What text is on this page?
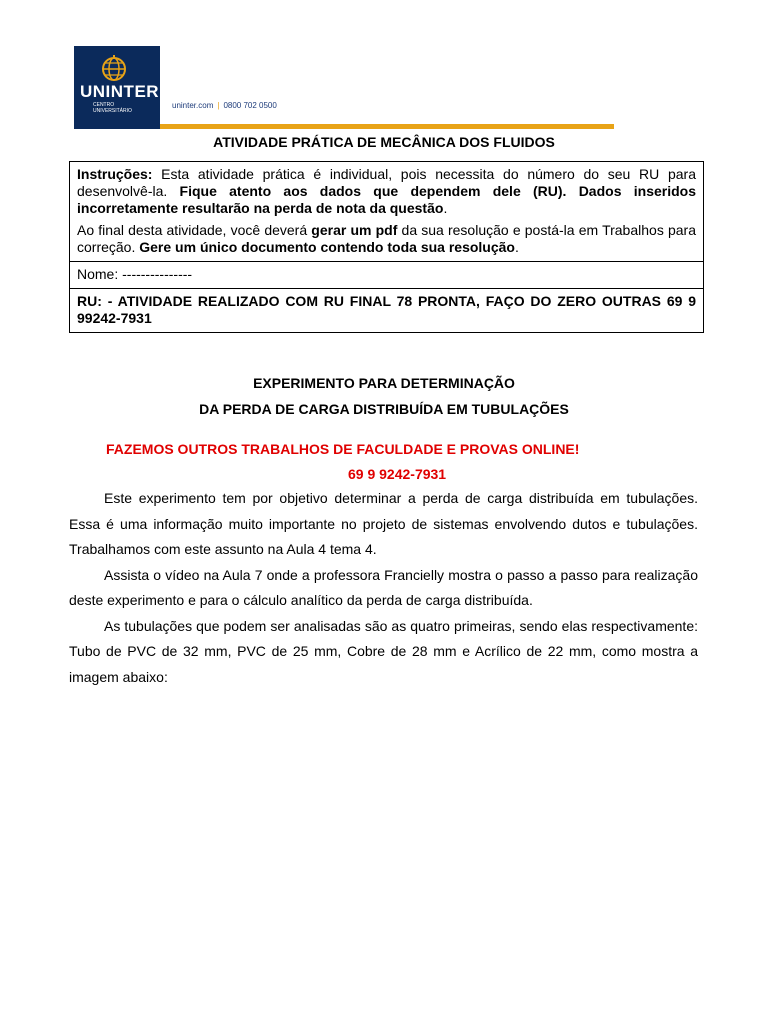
UNINTER
CENTRO
UNIVERSITÁRIO
uninter.com | 0800 702 0500
ATIVIDADE PRÁTICA DE MECÂNICA DOS FLUIDOS

Instruções: Esta atividade prática é individual, pois necessita do número do seu RU para desenvolvê-la. Fique atento aos dados que dependem dele (RU). Dados inseridos incorretamente resultarão na perda de nota da questão.

Ao final desta atividade, você deverá gerar um pdf da sua resolução e postá-la em Trabalhos para correção. Gere um único documento contendo toda sua resolução.

Nome: ---------------
RU: - ATIVIDADE REALIZADO COM RU FINAL 78 PRONTA, FAÇO DO ZERO OUTRAS 69 9 99242-7931
EXPERIMENTO PARA DETERMINAÇÃO
DA PERDA DE CARGA DISTRIBUÍDA EM TUBULAÇÕES
FAZEMOS OUTROS TRABALHOS DE FACULDADE E PROVAS ONLINE!
69 9 9242-7931

Este experimento tem por objetivo determinar a perda de carga distribuída em tubulações. Essa é uma informação muito importante no projeto de sistemas envolvendo dutos e tubulações. Trabalhamos com este assunto na Aula 4 tema 4.

Assista o vídeo na Aula 7 onde a professora Francielly mostra o passo a passo para realização deste experimento e para o cálculo analítico da perda de carga distribuída.

As tubulações que podem ser analisadas são as quatro primeiras, sendo elas respectivamente: Tubo de PVC de 32 mm, PVC de 25 mm, Cobre de 28 mm e Acrílico de 22 mm, como mostra a imagem abaixo:
